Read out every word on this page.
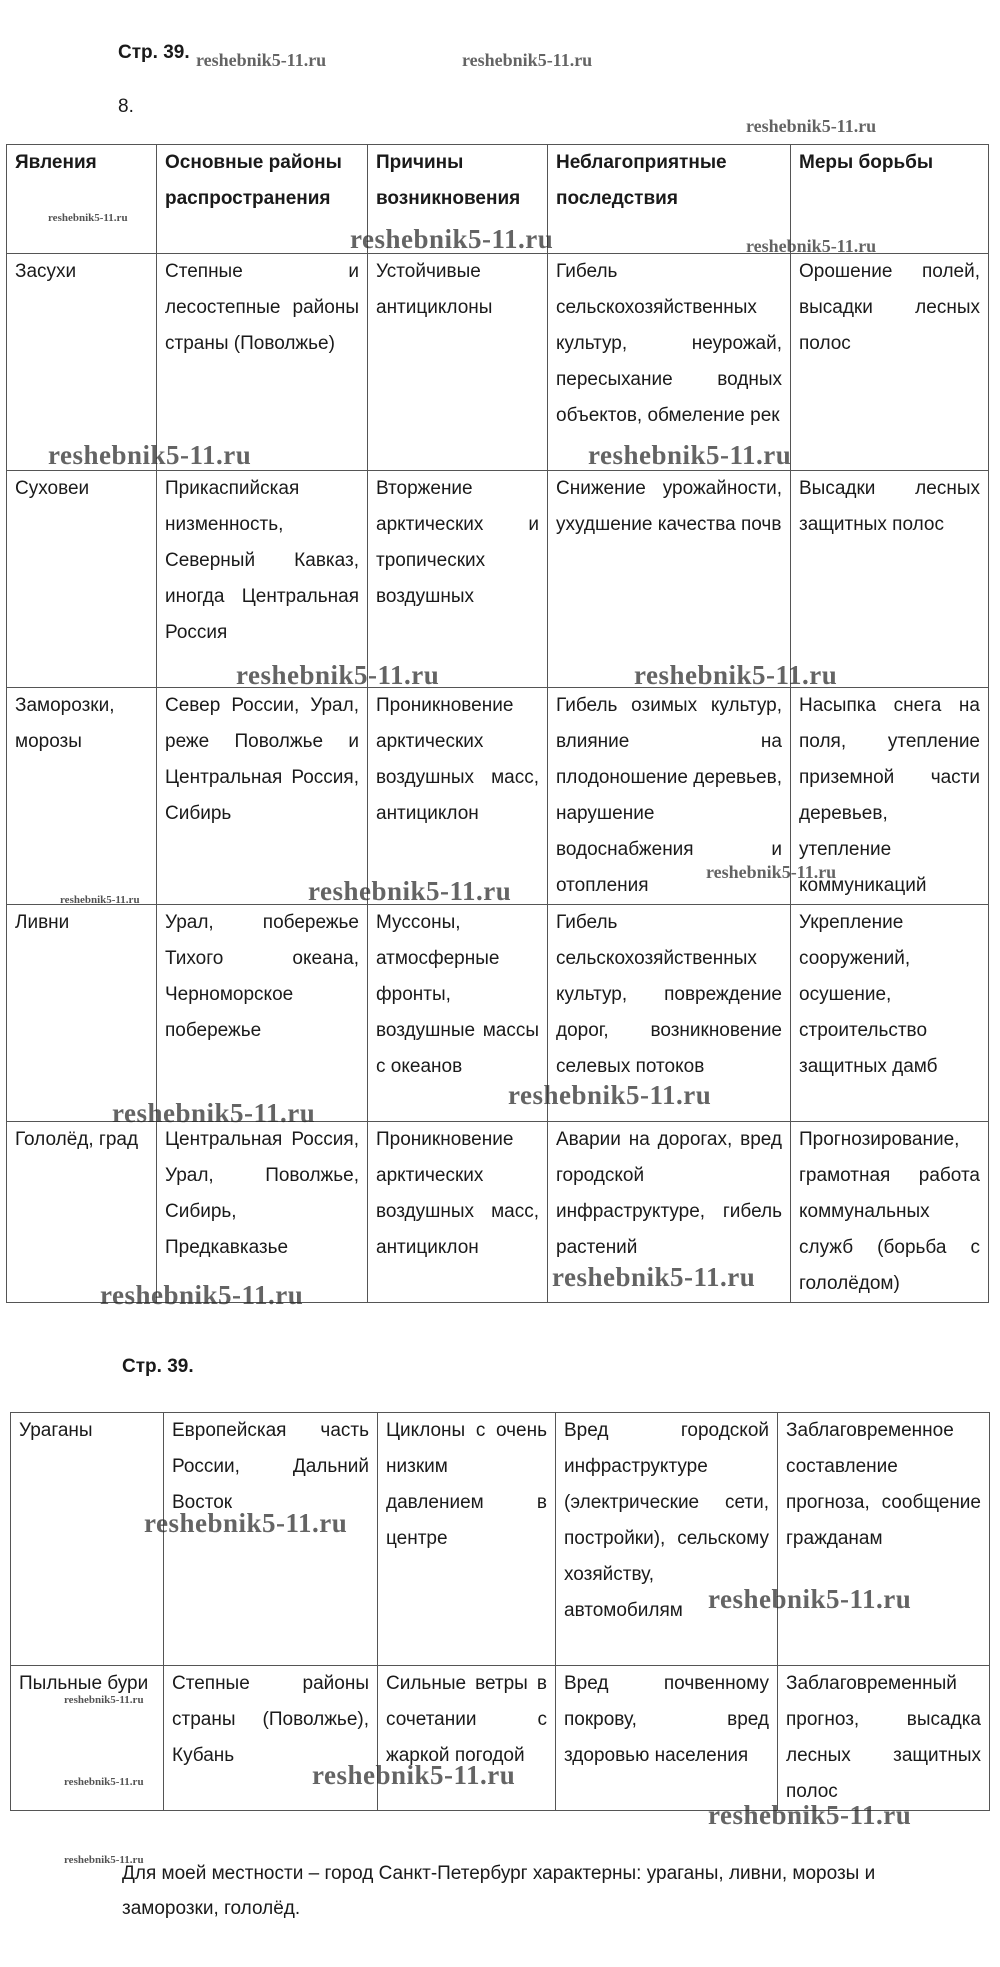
Стр. 39.
8.
Явления	Основные районы распространения	Причины возникновения	Неблагоприятные последствия	Меры борьбы
Засухи	Степные и лесостепные районы страны (Поволжье)	Устойчивые антициклоны	Гибель сельскохозяйственных культур, неурожай, пересыхание водных объектов, обмеление рек	Орошение полей, высадки лесных полос
Суховеи	Прикаспийская низменность, Северный Кавказ, иногда Центральная Россия	Вторжение арктических и тропических воздушных	Снижение урожайности, ухудшение качества почв	Высадки лесных защитных полос
Заморозки, морозы	Север России, Урал, реже Поволжье и Центральная Россия, Сибирь	Проникновение арктических воздушных масс, антициклон	Гибель озимых культур, влияние на плодоношение деревьев, нарушение водоснабжения и отопления	Насыпка снега на поля, утепление приземной части деревьев, утепление коммуникаций
Ливни	Урал, побережье Тихого океана, Черноморское побережье	Муссоны, атмосферные фронты, воздушные массы с океанов	Гибель сельскохозяйственных культур, повреждение дорог, возникновение селевых потоков	Укрепление сооружений, осушение, строительство защитных дамб
Гололёд, град	Центральная Россия, Урал, Поволжье, Сибирь, Предкавказье	Проникновение арктических воздушных масс, антициклон	Аварии на дорогах, вред городской инфраструктуре, гибель растений	Прогнозирование, грамотная работа коммунальных служб (борьба с гололёдом)
Стр. 39.
Ураганы	Европейская часть России, Дальний Восток	Циклоны с очень низким давлением в центре	Вред городской инфраструктуре (электрические сети, постройки), сельскому хозяйству, автомобилям	Заблаговременное составление прогноза, сообщение гражданам
Пыльные бури	Степные районы страны (Поволжье), Кубань	Сильные ветры в сочетании с жаркой погодой	Вред почвенному покрову, вред здоровью населения	Заблаговременный прогноз, высадка лесных защитных полос
Для моей местности – город Санкт-Петербург характерны: ураганы, ливни, морозы и заморозки, гололёд.
reshebnik5-11.ru	reshebnik5-11.ru
reshebnik5-11.ru
reshebnik5-11.ru
reshebnik5-11.ru	reshebnik5-11.ru
reshebnik5-11.ru	reshebnik5-11.ru
reshebnik5-11.ru	reshebnik5-11.ru
reshebnik5-11.ru
reshebnik5-11.ru	reshebnik5-11.ru
reshebnik5-11.ru
reshebnik5-11.ru
reshebnik5-11.ru
reshebnik5-11.ru
reshebnik5-11.ru
reshebnik5-11.ru
reshebnik5-11.ru
reshebnik5-11.ru	reshebnik5-11.ru
reshebnik5-11.ru
reshebnik5-11.ru
